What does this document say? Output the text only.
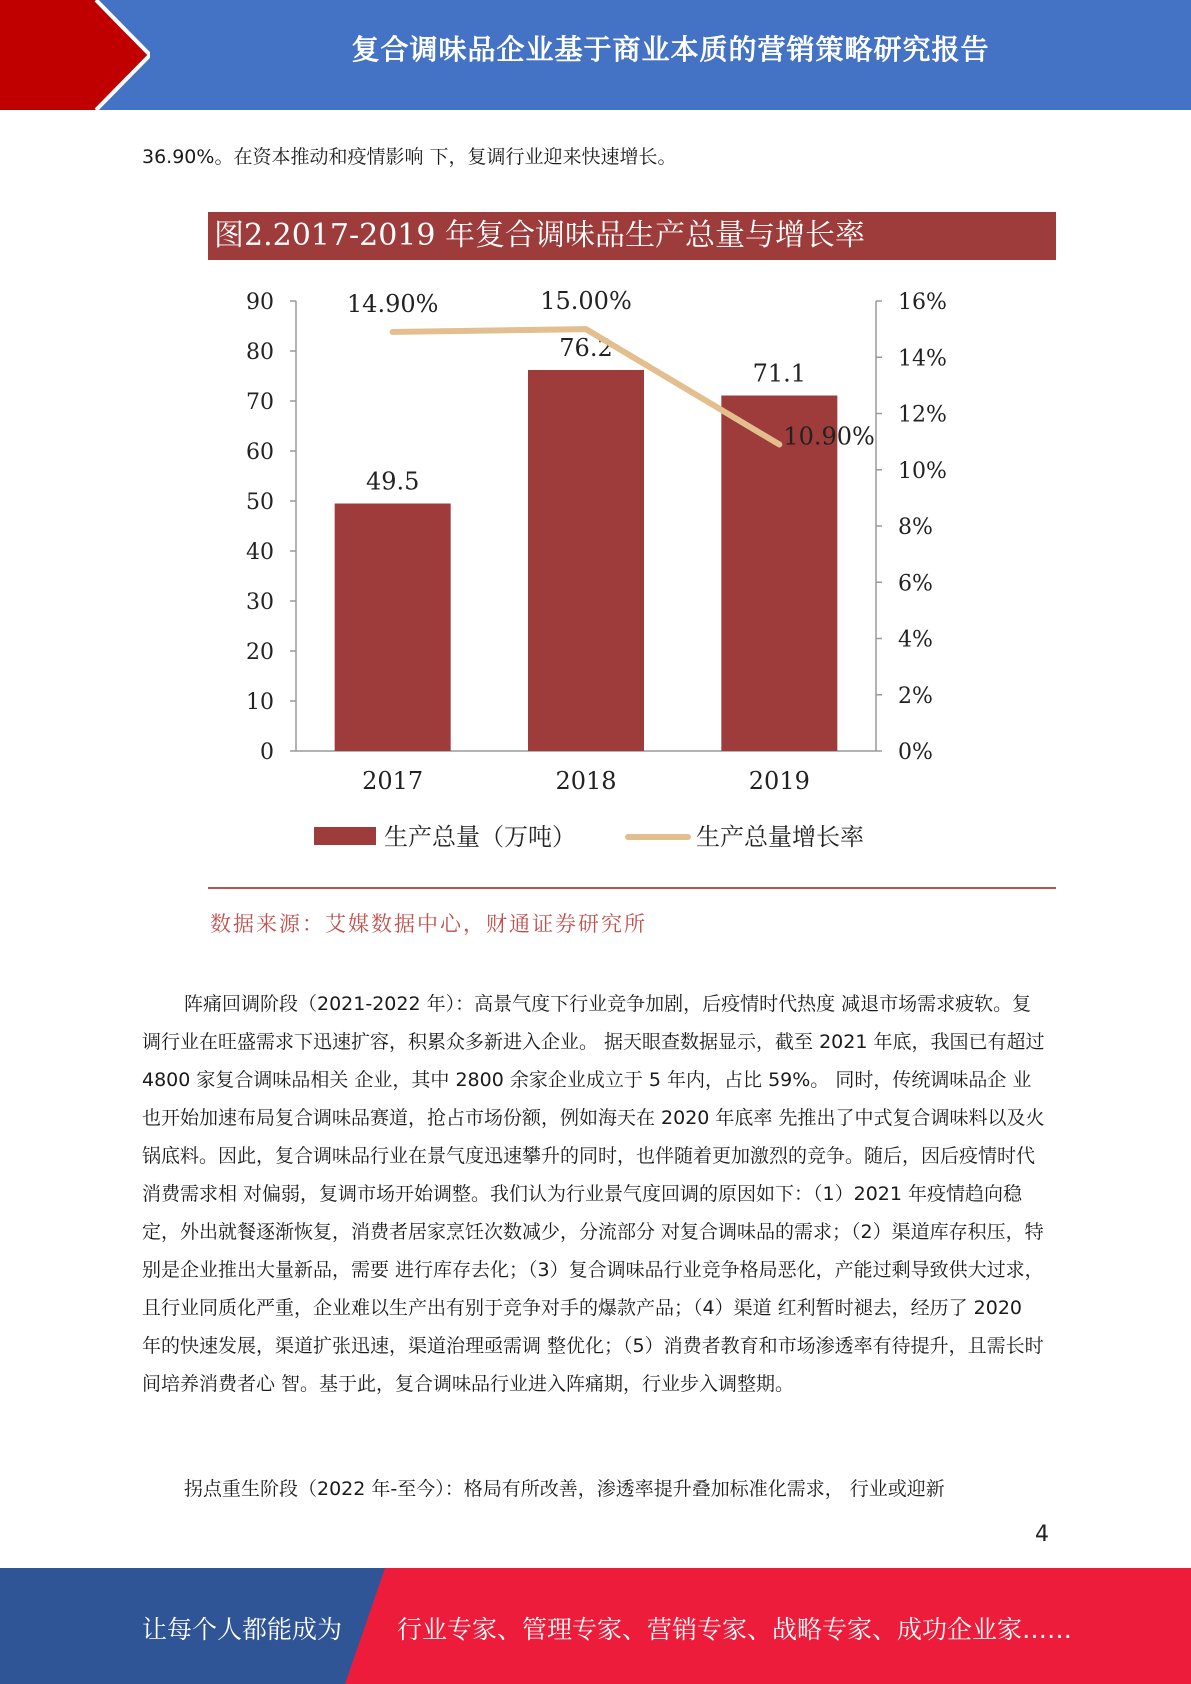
复合调味品企业基于商业本质的营销策略研究报告

36.90%。在资本推动和疫情影响 下，复调行业迎来快速增长。

图2.2017-2019 年复合调味品生产总量与增长率
0
10
20
30
40
50
60
70
80
90
0%
2%
4%
6%
8%
10%
12%
14%
16%
49.5
2017
76.2
2018
71.1
2019
14.90%	15.00%
10.90%
生产总量（万吨）	生产总量增长率
数据来源：艾媒数据中心，财通证券研究所

阵痛回调阶段（2021-2022 年）：高景气度下行业竞争加剧，后疫情时代热度 减退市场需求疲软。复调行业在旺盛需求下迅速扩容，积累众多新进入企业。 据天眼查数据显示，截至 2021 年底，我国已有超过 4800 家复合调味品相关 企业，其中 2800 余家企业成立于 5 年内，占比 59%。 同时，传统调味品企 业也开始加速布局复合调味品赛道，抢占市场份额，例如海天在 2020 年底率 先推出了中式复合调味料以及火锅底料。因此，复合调味品行业在景气度迅速攀升的同时，也伴随着更加激烈的竞争。随后，因后疫情时代消费需求相 对偏弱，复调市场开始调整。我们认为行业景气度回调的原因如下：（1）2021 年疫情趋向稳定，外出就餐逐渐恢复，消费者居家烹饪次数减少，分流部分 对复合调味品的需求；（2）渠道库存积压，特别是企业推出大量新品，需要 进行库存去化；（3）复合调味品行业竞争格局恶化，产能过剩导致供大过求， 且行业同质化严重，企业难以生产出有别于竞争对手的爆款产品；（4）渠道 红利暂时褪去，经历了 2020 年的快速发展，渠道扩张迅速，渠道治理亟需调 整优化；（5）消费者教育和市场渗透率有待提升，且需长时间培养消费者心 智。基于此，复合调味品行业进入阵痛期，行业步入调整期。

拐点重生阶段（2022 年-至今）：格局有所改善，渗透率提升叠加标准化需求， 行业或迎新

4
让每个人都能成为 行业专家、管理专家、营销专家、战略专家、成功企业家……
